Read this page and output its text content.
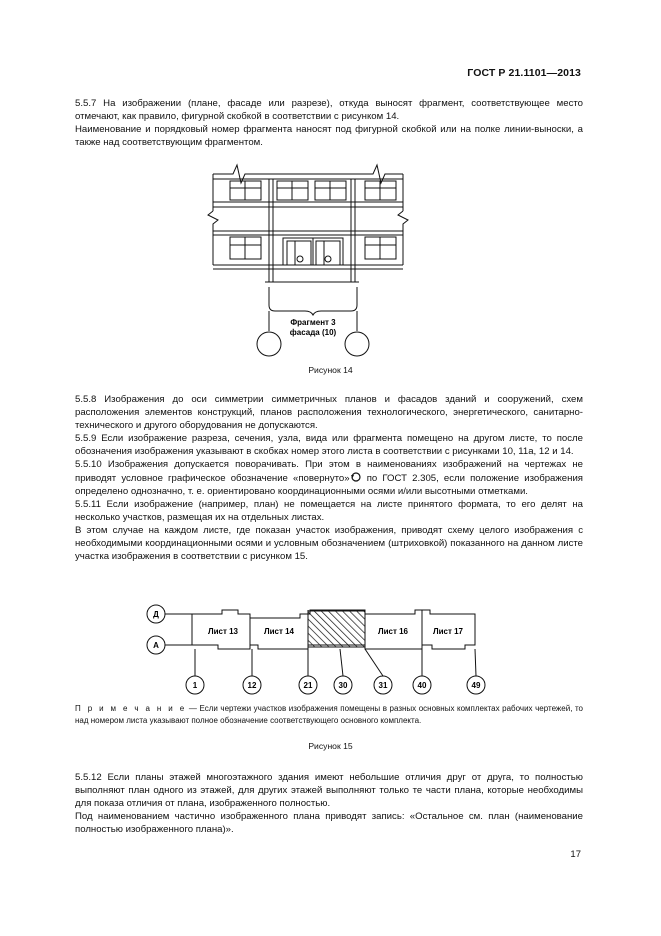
ГОСТ Р 21.1101—2013

5.5.7 На изображении (плане, фасаде или разрезе), откуда выносят фрагмент, соответствующее место отмечают, как правило, фигурной скобкой в соответствии с рисунком 14.

Наименование и порядковый номер фрагмента наносят под фигурной скобкой или на полке линии-выноски, а также над соответствующим фрагментом.

Фрагмент 3
фасада (10)
Рисунок 14

5.5.8 Изображения до оси симметрии симметричных планов и фасадов зданий и сооружений, схем расположения элементов конструкций, планов расположения технологического, энергетического, санитарно-технического и другого оборудования не допускаются.

5.5.9 Если изображение разреза, сечения, узла, вида или фрагмента помещено на другом листе, то после обозначения изображения указывают в скобках номер этого листа в соответствии с рисунками 10, 11а, 12 и 14.

5.5.10 Изображения допускается поворачивать. При этом в наименованиях изображений на чертежах не приводят условное графическое обозначение «повернуто» по ГОСТ 2.305, если положение изображения определено однозначно, т. е. ориентировано координационными осями и/или высотными отметками.

5.5.11 Если изображение (например, план) не помещается на листе принятого формата, то его делят на несколько участков, размещая их на отдельных листах.

В этом случае на каждом листе, где показан участок изображения, приводят схему целого изображения с необходимыми координационными осями и условным обозначением (штриховкой) показанного на данном листе участка изображения в соответствии с рисунком 15.

Д
А
Лист 13	Лист 14	Лист 16	Лист 17
1	12	21	30	31	40	49
П р и м е ч а н и е — Если чертежи участков изображения помещены в разных основных комплектах рабочих чертежей, то над номером листа указывают полное обозначение соответствующего основного комплекта.
Рисунок 15

5.5.12 Если планы этажей многоэтажного здания имеют небольшие отличия друг от друга, то полностью выполняют план одного из этажей, для других этажей выполняют только те части плана, которые необходимы для показа отличия от плана, изображенного полностью.

Под наименованием частично изображенного плана приводят запись: «Остальное см. план (наименование полностью изображенного плана)».

17
